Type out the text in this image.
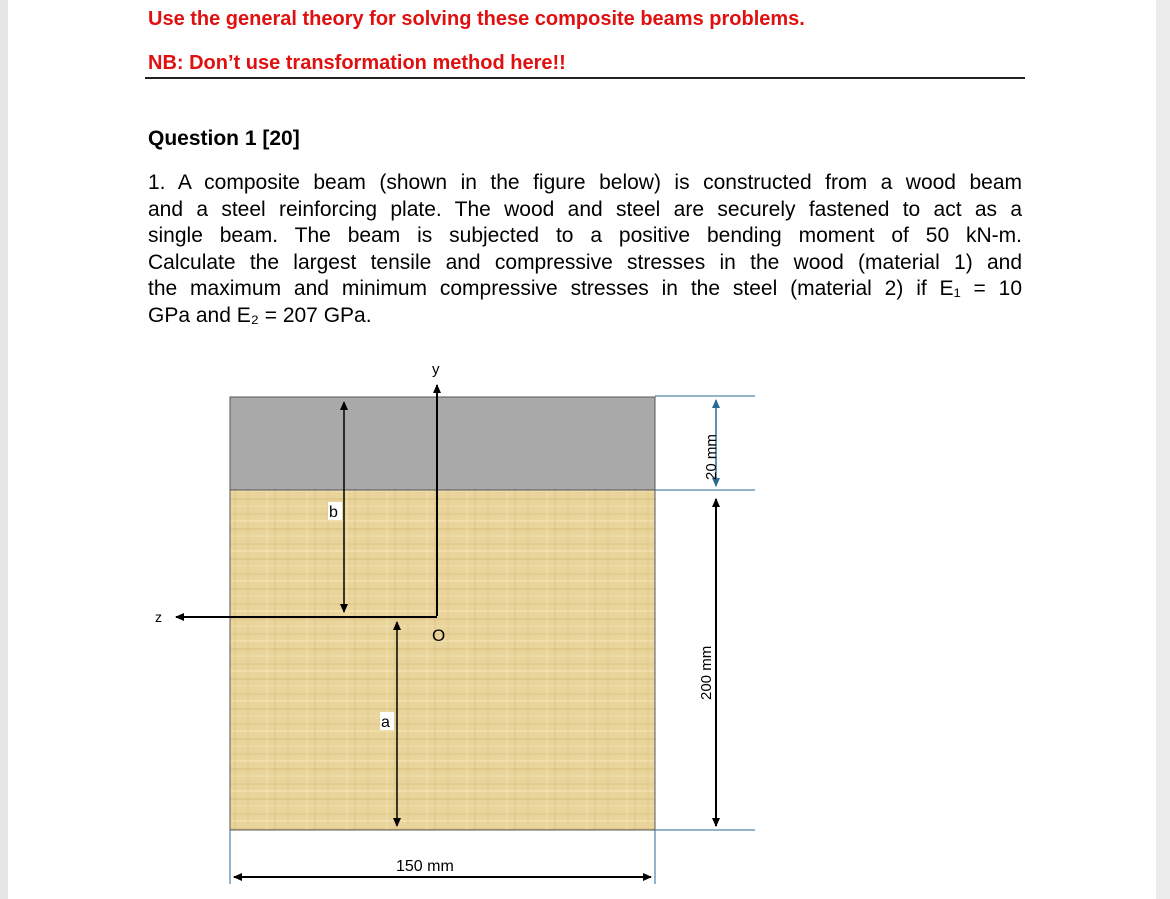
Use the general theory for solving these composite beams problems.
NB: Don’t use transformation method here!!
Question 1 [20]
1. A composite beam (shown in the figure below) is constructed from a wood beam
and a steel reinforcing plate. The wood and steel are securely fastened to act as a
single beam. The beam is subjected to a positive bending moment of 50 kN-m.
Calculate the largest tensile and compressive stresses in the wood (material 1) and
the maximum and minimum compressive stresses in the steel (material 2) if E₁ = 10
GPa and E₂ = 207 GPa.
y
z
O
b
a
20 mm
200 mm
150 mm
